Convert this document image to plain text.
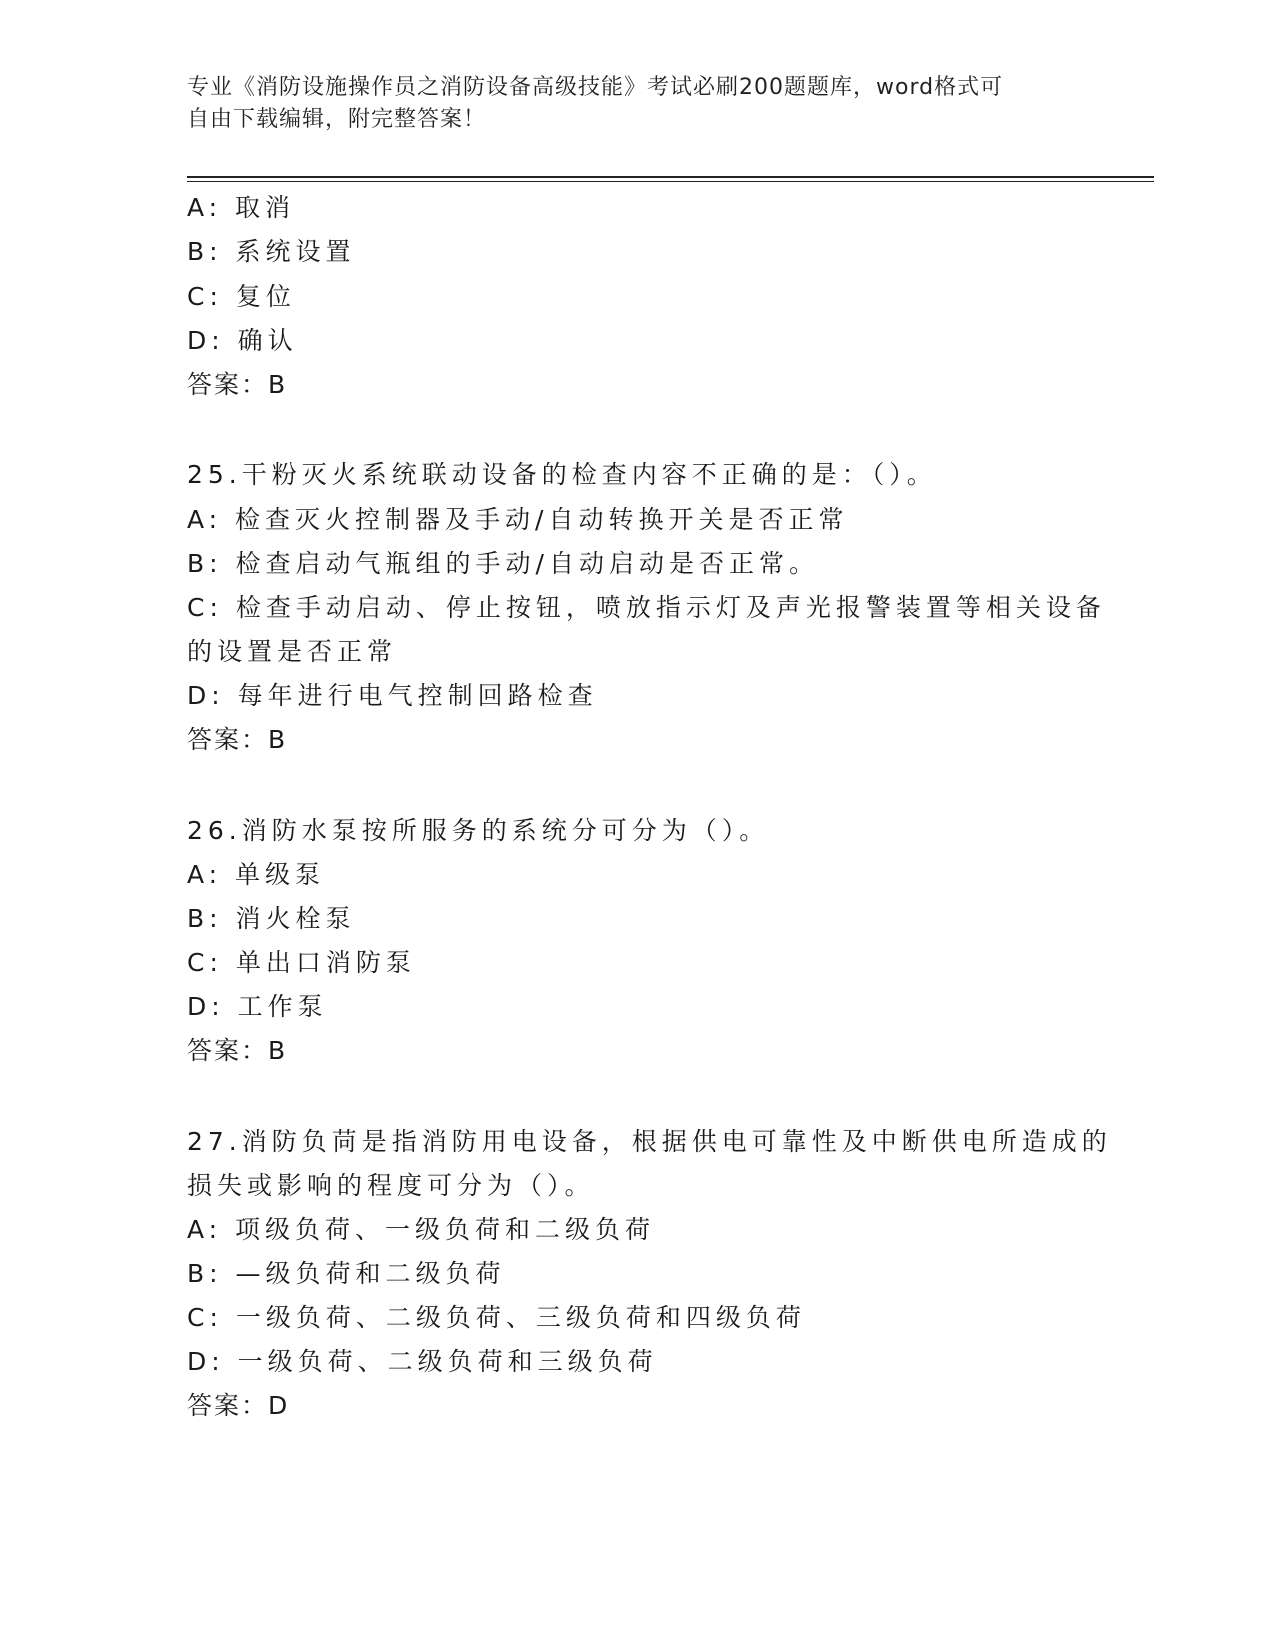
专业《消防设施操作员之消防设备高级技能》考试必刷200题题库，word格式可
自由下载编辑，附完整答案！
A: 取消
B: 系统设置
C: 复位
D: 确认
答案：B
25.干粉灭火系统联动设备的检查内容不正确的是：（）。
A: 检查灭火控制器及手动/自动转换开关是否正常
B: 检查启动气瓶组的手动/自动启动是否正常。
C: 检查手动启动、停止按钮，喷放指示灯及声光报警装置等相关设备
的设置是否正常
D: 每年进行电气控制回路检查
答案：B
26.消防水泵按所服务的系统分可分为（）。
A: 单级泵
B: 消火栓泵
C: 单出口消防泵
D: 工作泵
答案：B
27.消防负苘是指消防用电设备，根据供电可靠性及中断供电所造成的
损失或影响的程度可分为（）。
A: 项级负荷、一级负荷和二级负荷
B: —级负荷和二级负荷
C: 一级负荷、二级负荷、三级负荷和四级负荷
D: 一级负荷、二级负荷和三级负荷
答案：D
